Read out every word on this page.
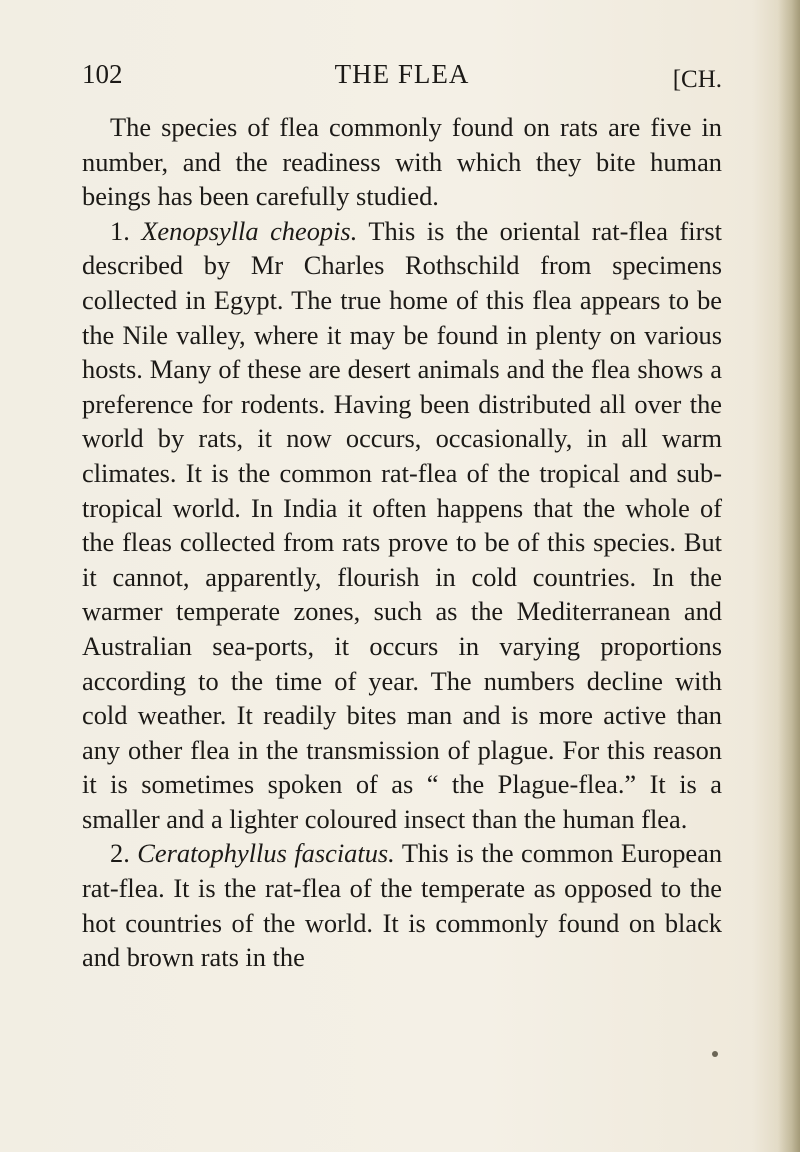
102	THE FLEA	[CH.

The species of flea commonly found on rats are five in number, and the readiness with which they bite human beings has been carefully studied.

1. Xenopsylla cheopis. This is the oriental rat-flea first described by Mr Charles Rothschild from specimens collected in Egypt. The true home of this flea appears to be the Nile valley, where it may be found in plenty on various hosts. Many of these are desert animals and the flea shows a preference for rodents. Having been distributed all over the world by rats, it now occurs, occasionally, in all warm climates. It is the common rat-flea of the tropical and sub-tropical world. In India it often happens that the whole of the fleas collected from rats prove to be of this species. But it cannot, apparently, flourish in cold countries. In the warmer temperate zones, such as the Mediterranean and Australian sea-ports, it occurs in varying proportions according to the time of year. The numbers decline with cold weather. It readily bites man and is more active than any other flea in the transmission of plague. For this reason it is sometimes spoken of as “ the Plague-flea.” It is a smaller and a lighter coloured insect than the human flea.

2. Ceratophyllus fasciatus. This is the common European rat-flea. It is the rat-flea of the temperate as opposed to the hot countries of the world. It is commonly found on black and brown rats in the
